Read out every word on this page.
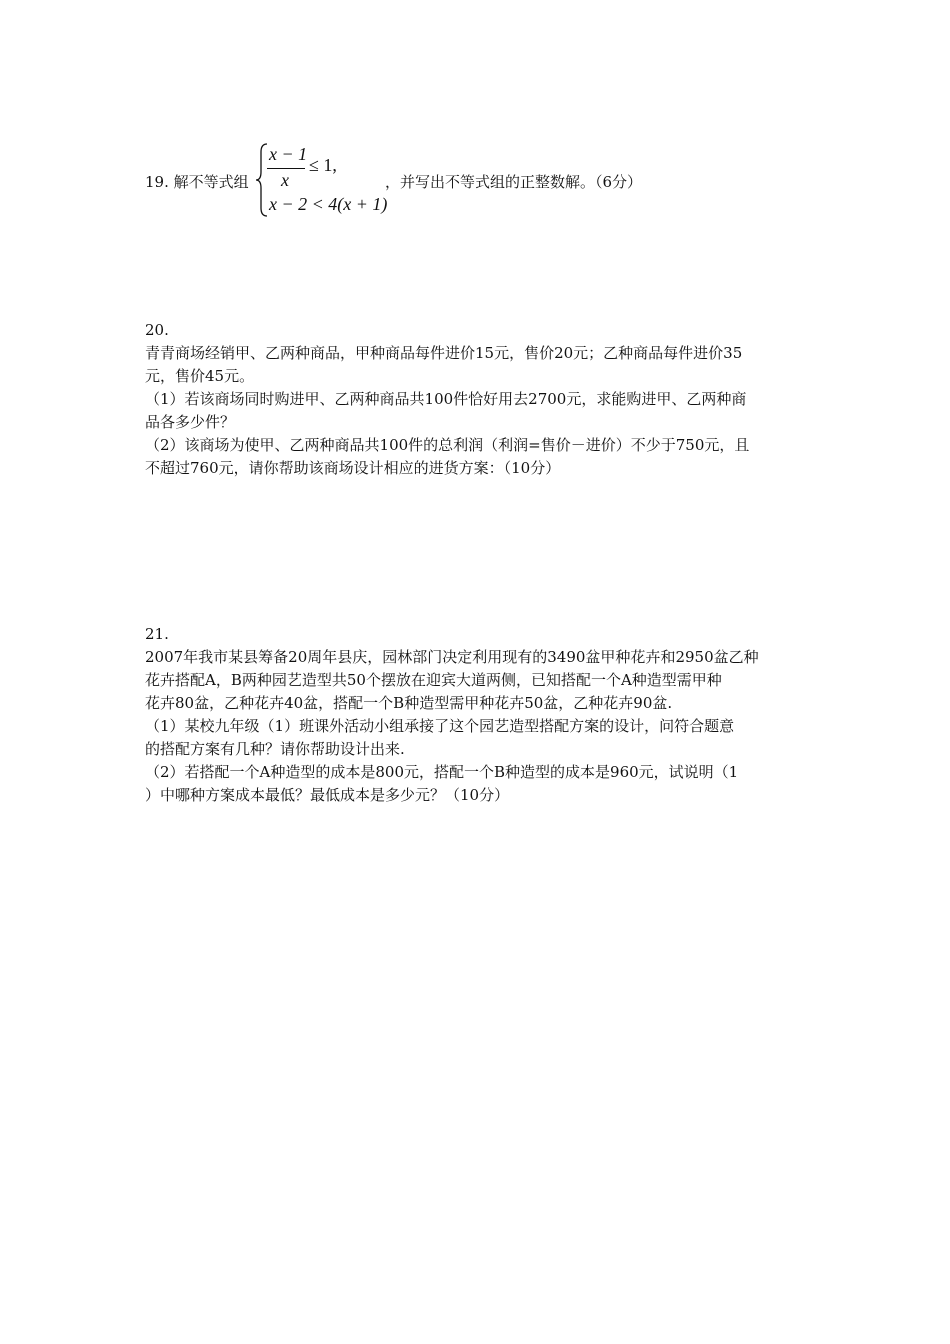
19. 解不等式组
x − 1
x
≤ 1,
x − 2 < 4(x + 1)
，并写出不等式组的正整数解。（6分）

20.

青青商场经销甲、乙两种商品，甲种商品每件进价15元，售价20元；乙种商品每件进价35

元，售价45元。

（1）若该商场同时购进甲、乙两种商品共100件恰好用去2700元，求能购进甲、乙两种商

品各多少件？

（2）该商场为使甲、乙两种商品共100件的总利润（利润=售价－进价）不少于750元，且

不超过760元，请你帮助该商场设计相应的进货方案：（10分）

21.

2007年我市某县筹备20周年县庆，园林部门决定利用现有的3490盆甲种花卉和2950盆乙种

花卉搭配A，B两种园艺造型共50个摆放在迎宾大道两侧，已知搭配一个A种造型需甲种

花卉80盆，乙种花卉40盆，搭配一个B种造型需甲种花卉50盆，乙种花卉90盆.

（1）某校九年级（1）班课外活动小组承接了这个园艺造型搭配方案的设计，问符合题意

的搭配方案有几种？请你帮助设计出来.

（2）若搭配一个A种造型的成本是800元，搭配一个B种造型的成本是960元，试说明（1

）中哪种方案成本最低？最低成本是多少元？（10分）
